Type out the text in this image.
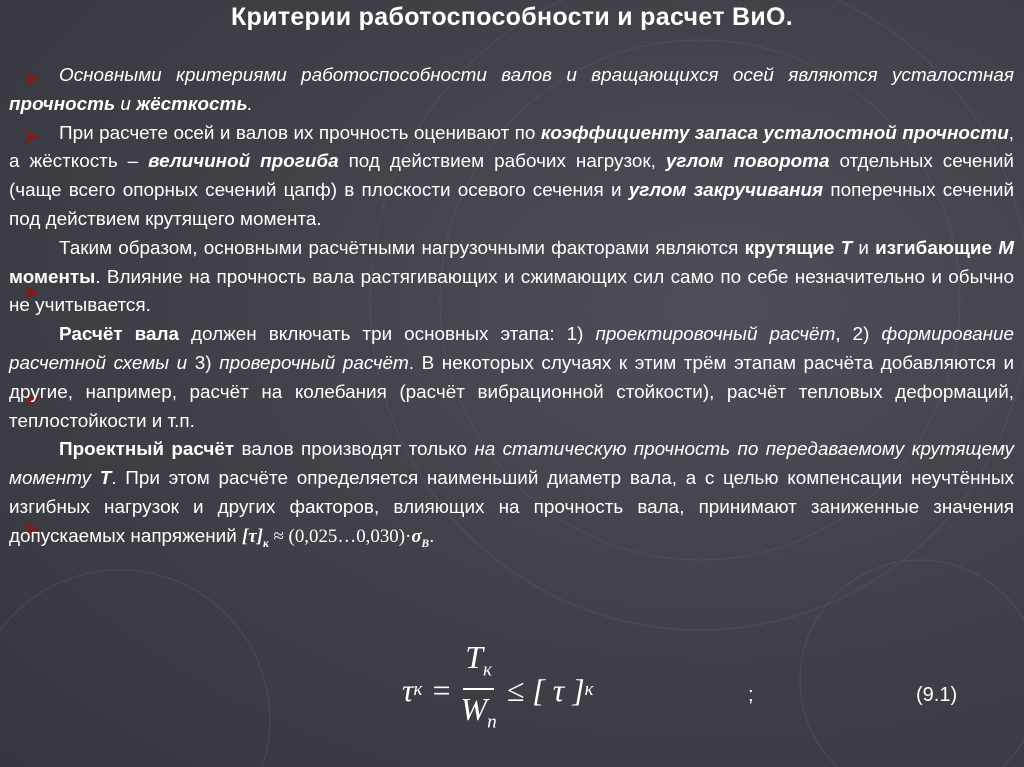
Критерии работоспособности и расчет ВиО.

Основными критериями работоспособности валов и вращающихся осей являются усталостная прочность и жёсткость.

При расчете осей и валов их прочность оценивают по коэффициенту запаса усталостной прочности, а жёсткость – величиной прогиба под действием рабочих нагрузок, углом поворота отдельных сечений (чаще всего опорных сечений цапф) в плоскости осевого сечения и углом закручивания поперечных сечений под действием крутящего момента.

Таким образом, основными расчётными нагрузочными факторами являются крутящие Т и изгибающие М моменты. Влияние на прочность вала растягивающих и сжимающих сил само по себе незначительно и обычно не учитывается.

Расчёт вала должен включать три основных этапа: 1) проектировочный расчёт, 2) формирование расчетной схемы и 3) проверочный расчёт. В некоторых случаях к этим трём этапам расчёта добавляются и другие, например, расчёт на колебания (расчёт вибрационной стойкости), расчёт тепловых деформаций, теплостойкости и т.п.

Проектный расчёт валов производят только на статическую прочность по передаваемому крутящему моменту Т. При этом расчёте определяется наименьший диаметр вала, а с целью компенсации неучтённых изгибных нагрузок и других факторов, влияющих на прочность вала, принимают заниженные значения допускаемых напряжений $[\tau]_к$ ≈ $(0,025\dots 0,030)\cdot\sigma_B$.

τ $к = \frac{T_к}{W_n}$ ≤ [ τ ] к	;	(9.1)
